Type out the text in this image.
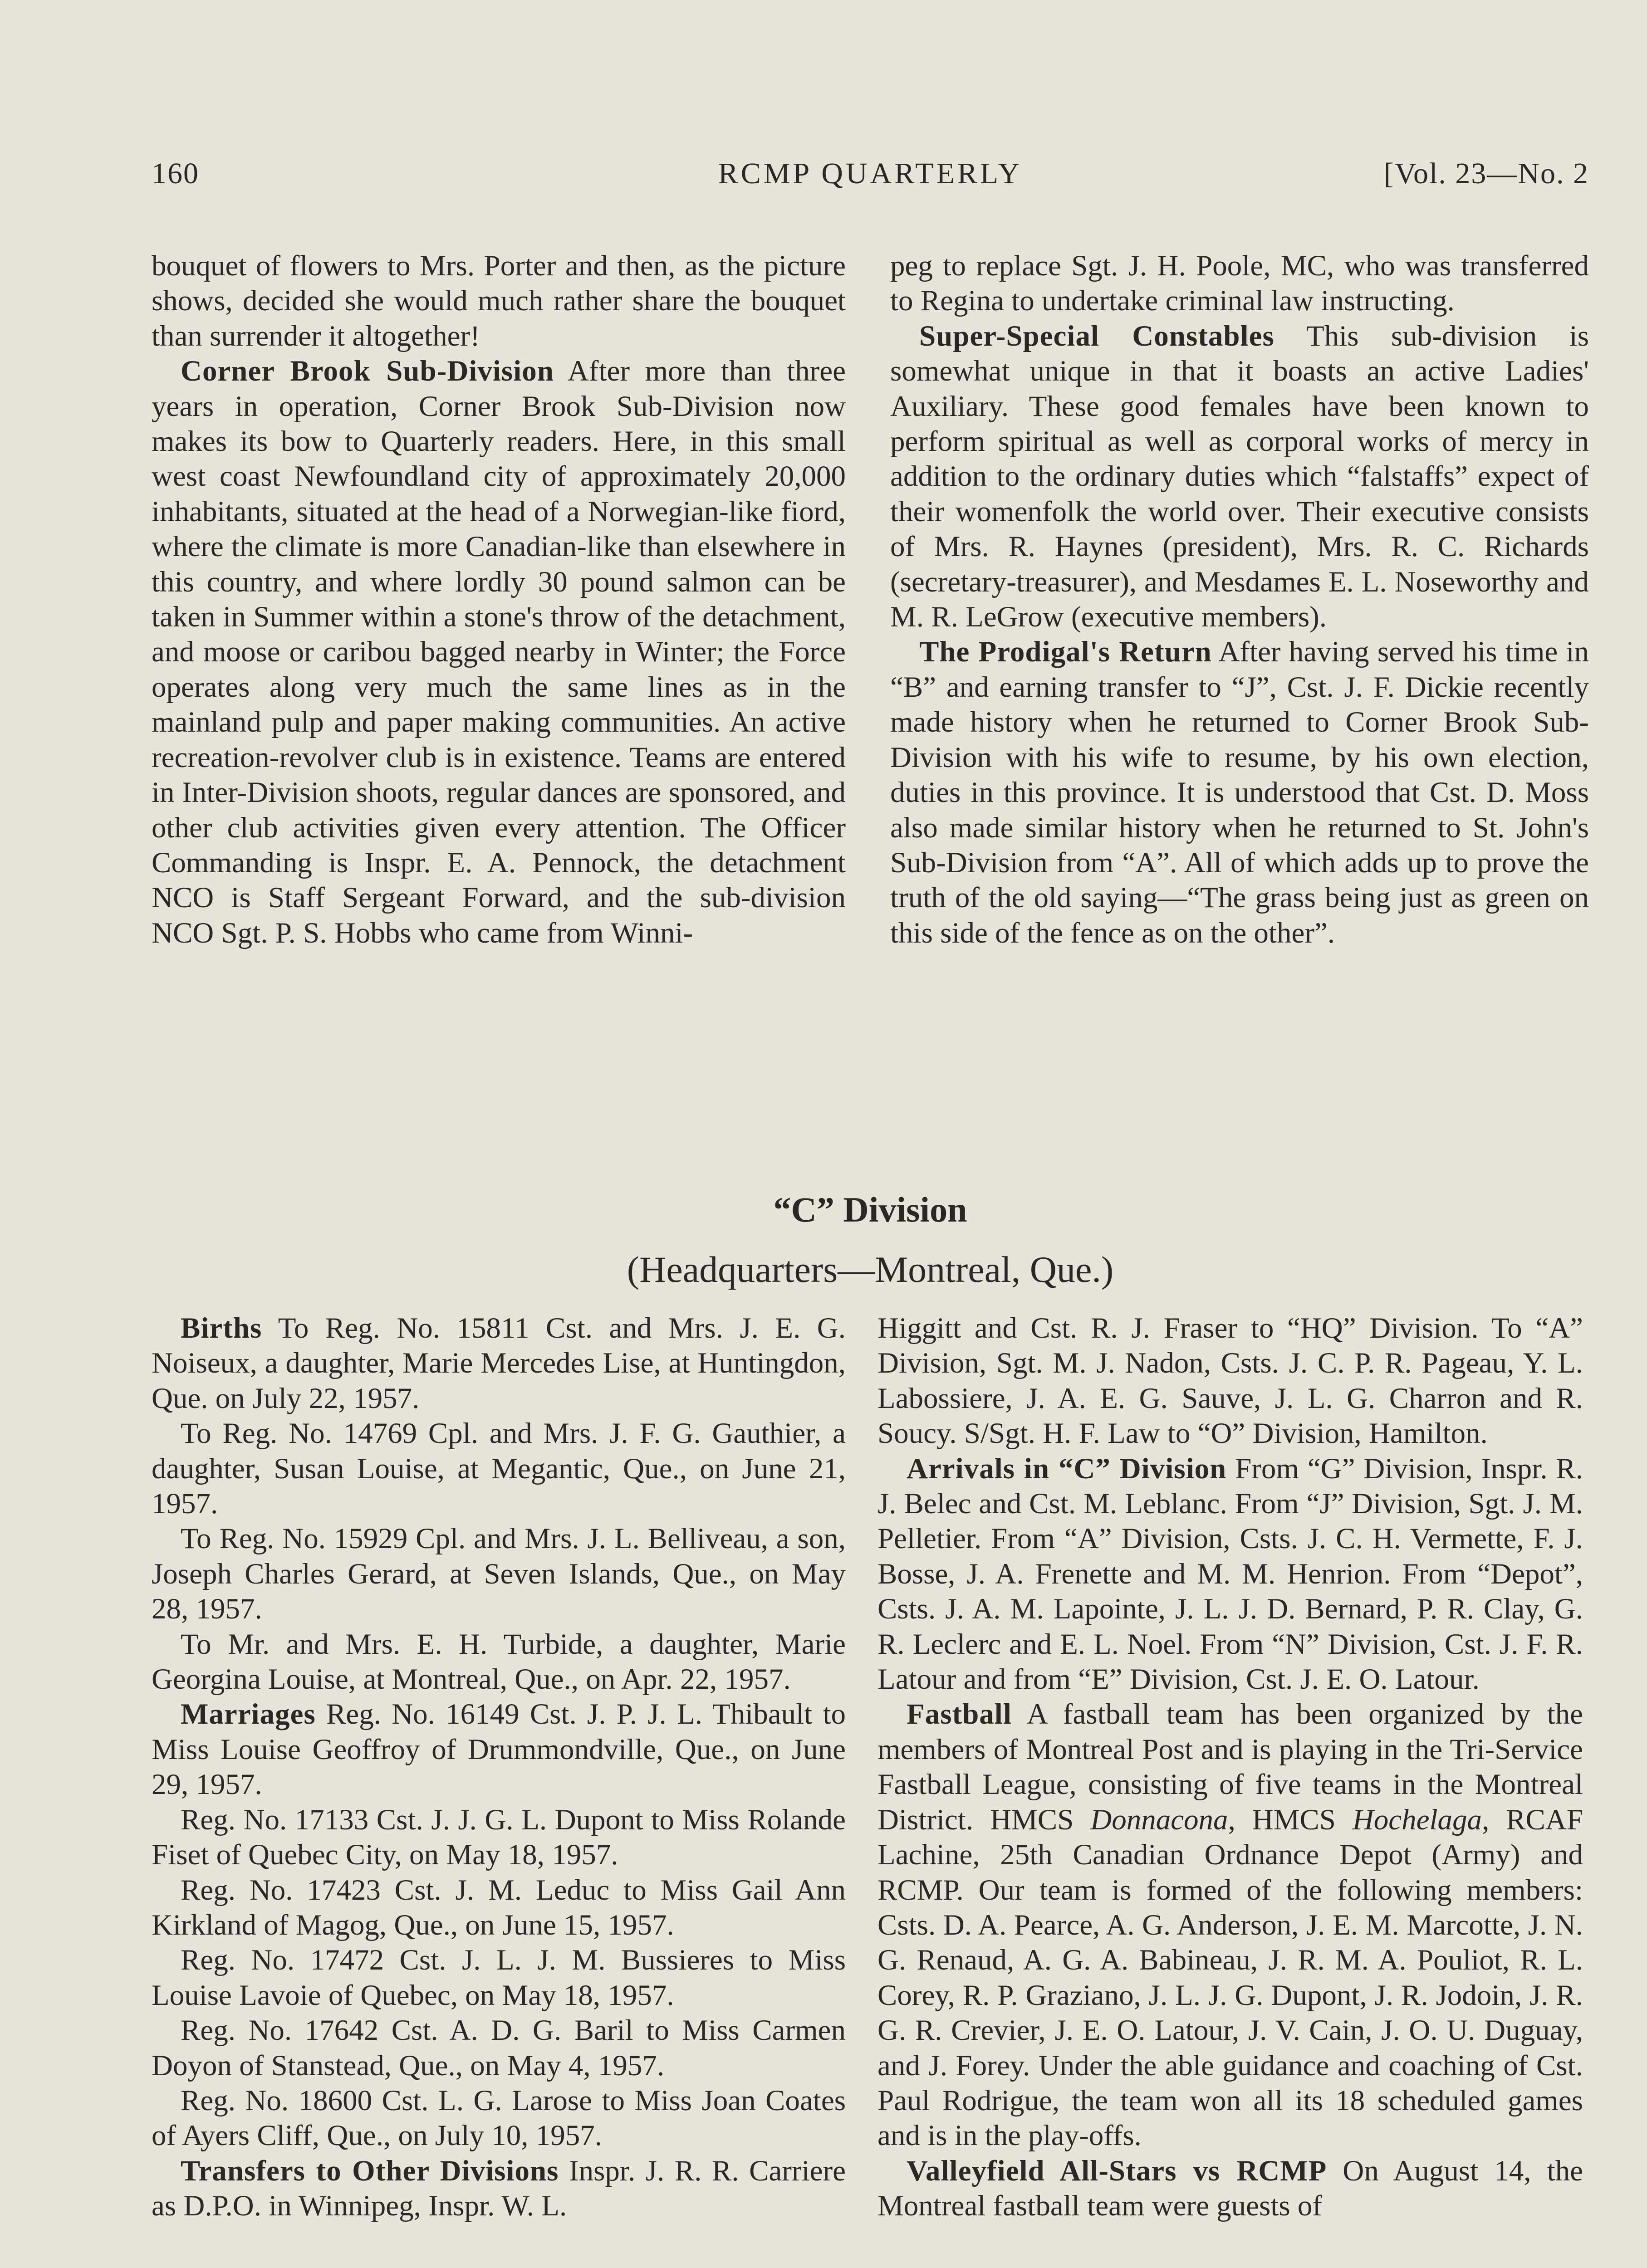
160	RCMP QUARTERLY	[Vol. 23—No. 2

bouquet of flowers to Mrs. Porter and then, as the picture shows, decided she would much rather share the bouquet than surrender it altogether!

Corner Brook Sub-Division After more than three years in operation, Corner Brook Sub-Division now makes its bow to Quarterly readers. Here, in this small west coast Newfoundland city of approximately 20,000 inhabitants, situated at the head of a Norwegian-like fiord, where the climate is more Canadian-like than elsewhere in this country, and where lordly 30 pound salmon can be taken in Summer within a stone's throw of the detachment, and moose or caribou bagged nearby in Winter; the Force operates along very much the same lines as in the mainland pulp and paper making communities. An active recreation-revolver club is in existence. Teams are entered in Inter-Division shoots, regular dances are sponsored, and other club activities given every attention. The Officer Commanding is Inspr. E. A. Pennock, the detachment NCO is Staff Sergeant Forward, and the sub-division NCO Sgt. P. S. Hobbs who came from Winni-

peg to replace Sgt. J. H. Poole, MC, who was transferred to Regina to undertake criminal law instructing.

Super-Special Constables This sub-division is somewhat unique in that it boasts an active Ladies' Auxiliary. These good females have been known to perform spiritual as well as corporal works of mercy in addition to the ordinary duties which “falstaffs” expect of their womenfolk the world over. Their executive consists of Mrs. R. Haynes (president), Mrs. R. C. Richards (secretary-treasurer), and Mesdames E. L. Noseworthy and M. R. LeGrow (executive members).

The Prodigal's Return After having served his time in “B” and earning transfer to “J”, Cst. J. F. Dickie recently made history when he returned to Corner Brook Sub-Division with his wife to resume, by his own election, duties in this province. It is understood that Cst. D. Moss also made similar history when he returned to St. John's Sub-Division from “A”. All of which adds up to prove the truth of the old saying—“The grass being just as green on this side of the fence as on the other”.

“C” Division
(Headquarters—Montreal, Que.)

Births To Reg. No. 15811 Cst. and Mrs. J. E. G. Noiseux, a daughter, Marie Mercedes Lise, at Huntingdon, Que. on July 22, 1957.

To Reg. No. 14769 Cpl. and Mrs. J. F. G. Gauthier, a daughter, Susan Louise, at Megantic, Que., on June 21, 1957.

To Reg. No. 15929 Cpl. and Mrs. J. L. Belliveau, a son, Joseph Charles Gerard, at Seven Islands, Que., on May 28, 1957.

To Mr. and Mrs. E. H. Turbide, a daughter, Marie Georgina Louise, at Montreal, Que., on Apr. 22, 1957.

Marriages Reg. No. 16149 Cst. J. P. J. L. Thibault to Miss Louise Geoffroy of Drummondville, Que., on June 29, 1957.

Reg. No. 17133 Cst. J. J. G. L. Dupont to Miss Rolande Fiset of Quebec City, on May 18, 1957.

Reg. No. 17423 Cst. J. M. Leduc to Miss Gail Ann Kirkland of Magog, Que., on June 15, 1957.

Reg. No. 17472 Cst. J. L. J. M. Bussieres to Miss Louise Lavoie of Quebec, on May 18, 1957.

Reg. No. 17642 Cst. A. D. G. Baril to Miss Carmen Doyon of Stanstead, Que., on May 4, 1957.

Reg. No. 18600 Cst. L. G. Larose to Miss Joan Coates of Ayers Cliff, Que., on July 10, 1957.

Transfers to Other Divisions Inspr. J. R. R. Carriere as D.P.O. in Winnipeg, Inspr. W. L.

Higgitt and Cst. R. J. Fraser to “HQ” Division. To “A” Division, Sgt. M. J. Nadon, Csts. J. C. P. R. Pageau, Y. L. Labossiere, J. A. E. G. Sauve, J. L. G. Charron and R. Soucy. S/Sgt. H. F. Law to “O” Division, Hamilton.

Arrivals in “C” Division From “G” Division, Inspr. R. J. Belec and Cst. M. Leblanc. From “J” Division, Sgt. J. M. Pelletier. From “A” Division, Csts. J. C. H. Vermette, F. J. Bosse, J. A. Frenette and M. M. Henrion. From “Depot”, Csts. J. A. M. Lapointe, J. L. J. D. Bernard, P. R. Clay, G. R. Leclerc and E. L. Noel. From “N” Division, Cst. J. F. R. Latour and from “E” Division, Cst. J. E. O. Latour.

Fastball A fastball team has been organized by the members of Montreal Post and is playing in the Tri-Service Fastball League, consisting of five teams in the Montreal District. HMCS Donnacona, HMCS Hochelaga, RCAF Lachine, 25th Canadian Ordnance Depot (Army) and RCMP. Our team is formed of the following members: Csts. D. A. Pearce, A. G. Anderson, J. E. M. Marcotte, J. N. G. Renaud, A. G. A. Babineau, J. R. M. A. Pouliot, R. L. Corey, R. P. Graziano, J. L. J. G. Dupont, J. R. Jodoin, J. R. G. R. Crevier, J. E. O. Latour, J. V. Cain, J. O. U. Duguay, and J. Forey. Under the able guidance and coaching of Cst. Paul Rodrigue, the team won all its 18 scheduled games and is in the play-offs.

Valleyfield All-Stars vs RCMP On August 14, the Montreal fastball team were guests of
